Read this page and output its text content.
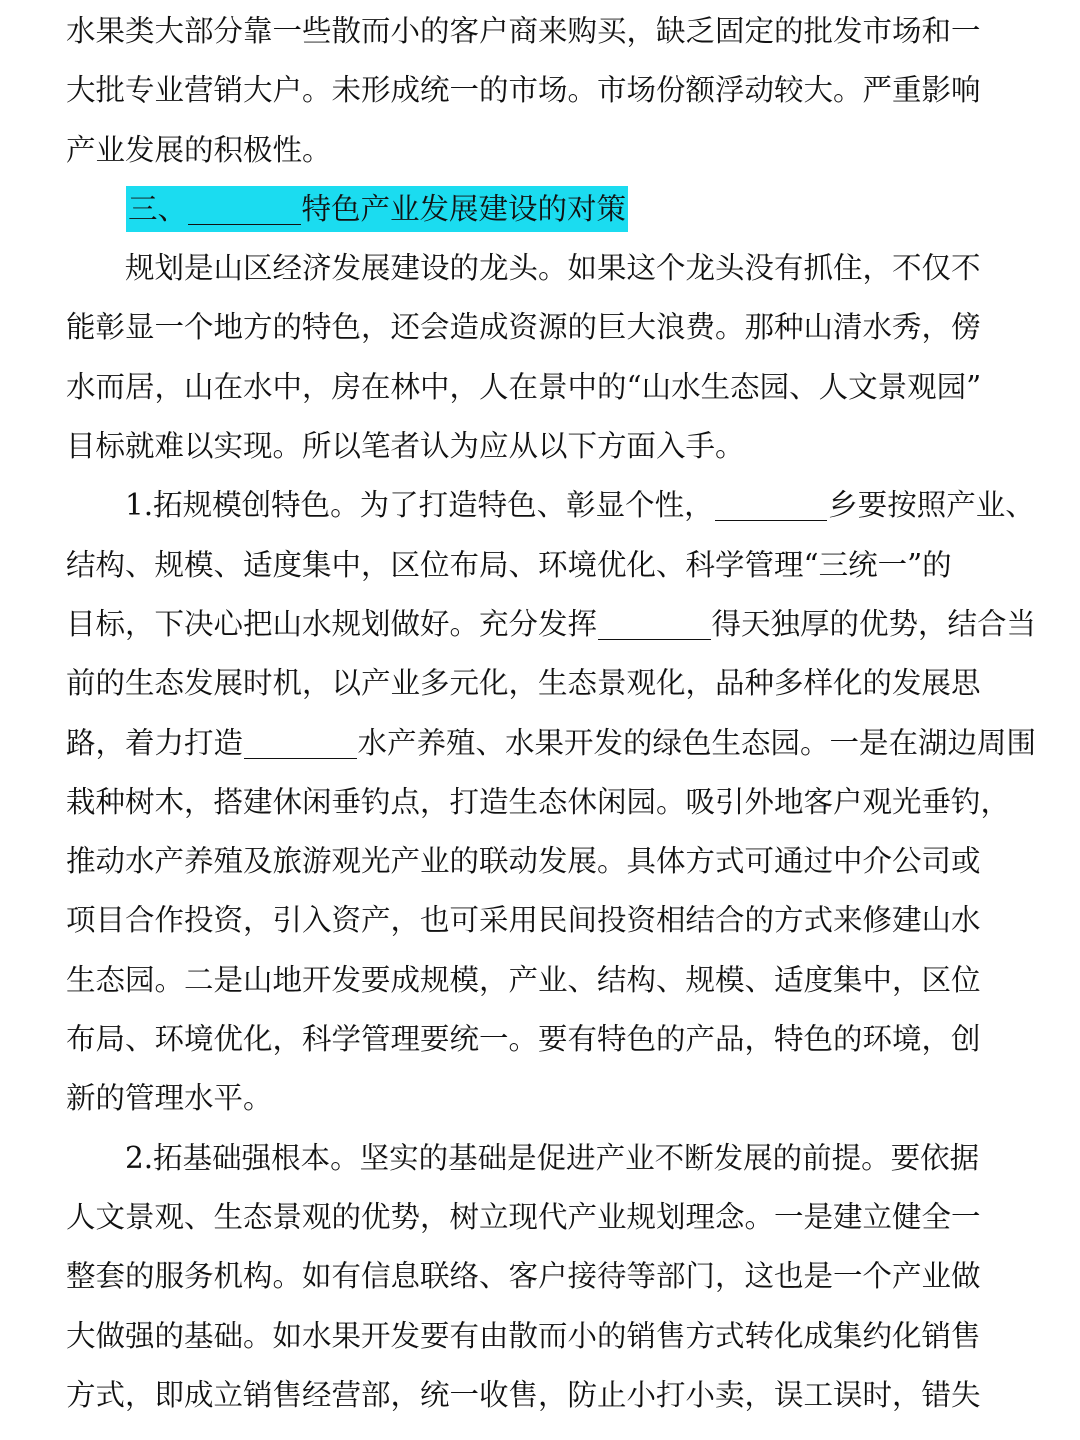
水果类大部分靠一些散而小的客户商来购买，缺乏固定的批发市场和一
大批专业营销大户。未形成统一的市场。市场份额浮动较大。严重影响
产业发展的积极性。
三、	特色产业发展建设的对策
　　规划是山区经济发展建设的龙头。如果这个龙头没有抓住，不仅不
能彰显一个地方的特色，还会造成资源的巨大浪费。那种山清水秀，傍
水而居，山在水中，房在林中，人在景中的“山水生态园、人文景观园”
目标就难以实现。所以笔者认为应从以下方面入手。
　　1.拓规模创特色。为了打造特色、彰显个性，	乡要按照产业、
结构、规模、适度集中，区位布局、环境优化、科学管理“三统一”的
目标，下决心把山水规划做好。充分发挥	得天独厚的优势，结合当
前的生态发展时机，以产业多元化，生态景观化，品种多样化的发展思
路，着力打造	水产养殖、水果开发的绿色生态园。一是在湖边周围
栽种树木，搭建休闲垂钓点，打造生态休闲园。吸引外地客户观光垂钓，
推动水产养殖及旅游观光产业的联动发展。具体方式可通过中介公司或
项目合作投资，引入资产，也可采用民间投资相结合的方式来修建山水
生态园。二是山地开发要成规模，产业、结构、规模、适度集中，区位
布局、环境优化，科学管理要统一。要有特色的产品，特色的环境，创
新的管理水平。
　　2.拓基础强根本。坚实的基础是促进产业不断发展的前提。要依据
人文景观、生态景观的优势，树立现代产业规划理念。一是建立健全一
整套的服务机构。如有信息联络、客户接待等部门，这也是一个产业做
大做强的基础。如水果开发要有由散而小的销售方式转化成集约化销售
方式，即成立销售经营部，统一收售，防止小打小卖，误工误时，错失
